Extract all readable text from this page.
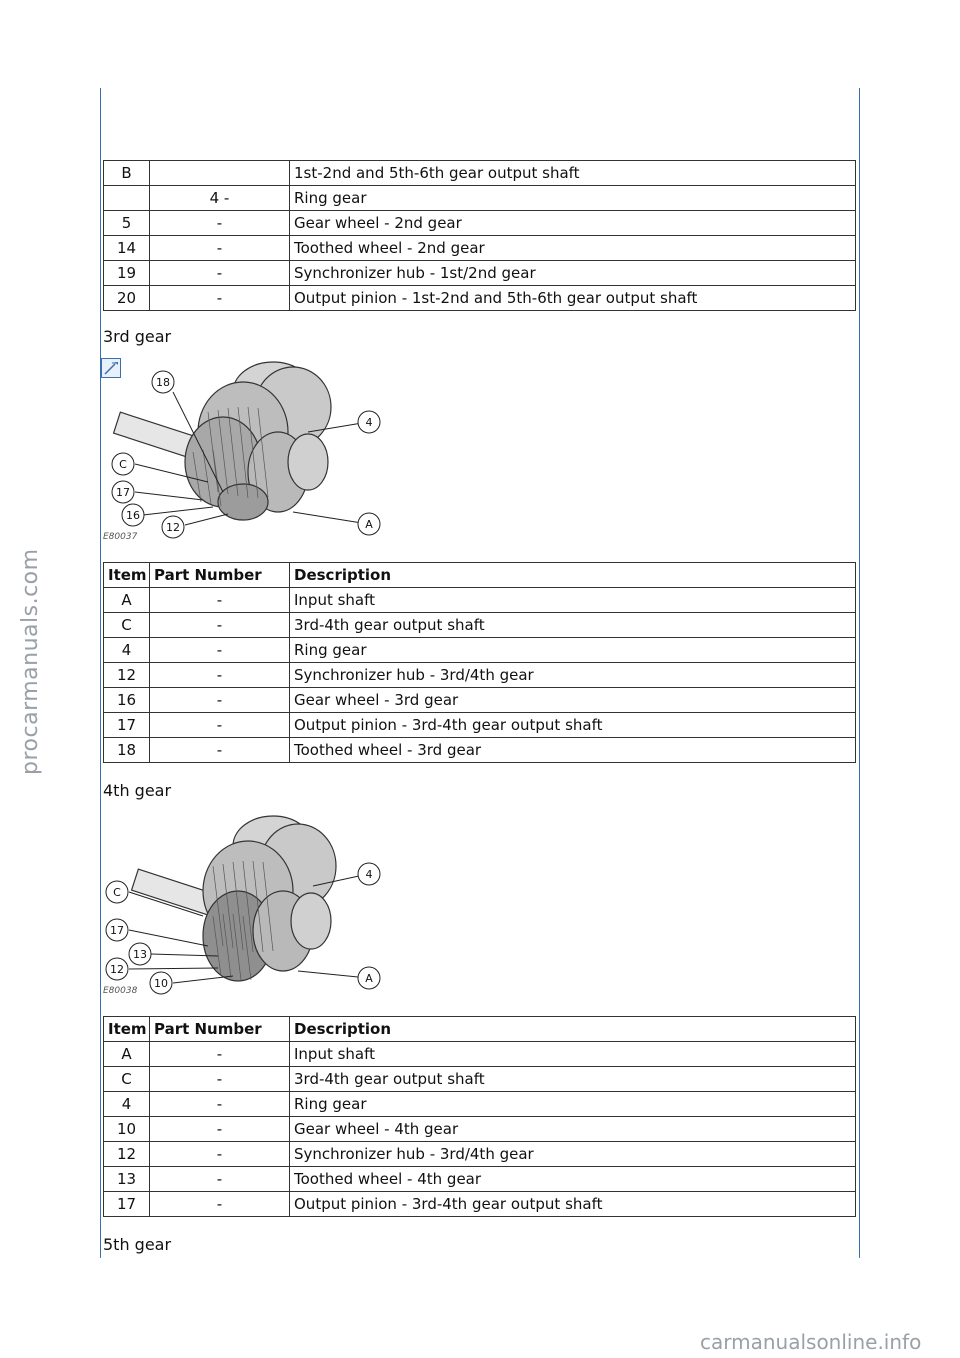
B		1st-2nd and 5th-6th gear output shaft
	4 -	Ring gear
5	-	Gear wheel - 2nd gear
14	-	Toothed wheel - 2nd gear
19	-	Synchronizer hub - 1st/2nd gear
20	-	Output pinion - 1st-2nd and 5th-6th gear output shaft
3rd gear
18
4
C
17
16
12	A
E80037
Item	Part Number	Description
A	-	Input shaft
C	-	3rd-4th gear output shaft
4	-	Ring gear
12	-	Synchronizer hub - 3rd/4th gear
16	-	Gear wheel - 3rd gear
17	-	Output pinion - 3rd-4th gear output shaft
18	-	Toothed wheel - 3rd gear
4th gear
4
C
17
13
12
10	A
E80038
Item	Part Number	Description
A	-	Input shaft
C	-	3rd-4th gear output shaft
4	-	Ring gear
10	-	Gear wheel - 4th gear
12	-	Synchronizer hub - 3rd/4th gear
13	-	Toothed wheel - 4th gear
17	-	Output pinion - 3rd-4th gear output shaft
5th gear
procarmanuals.com
carmanualsonline.info
